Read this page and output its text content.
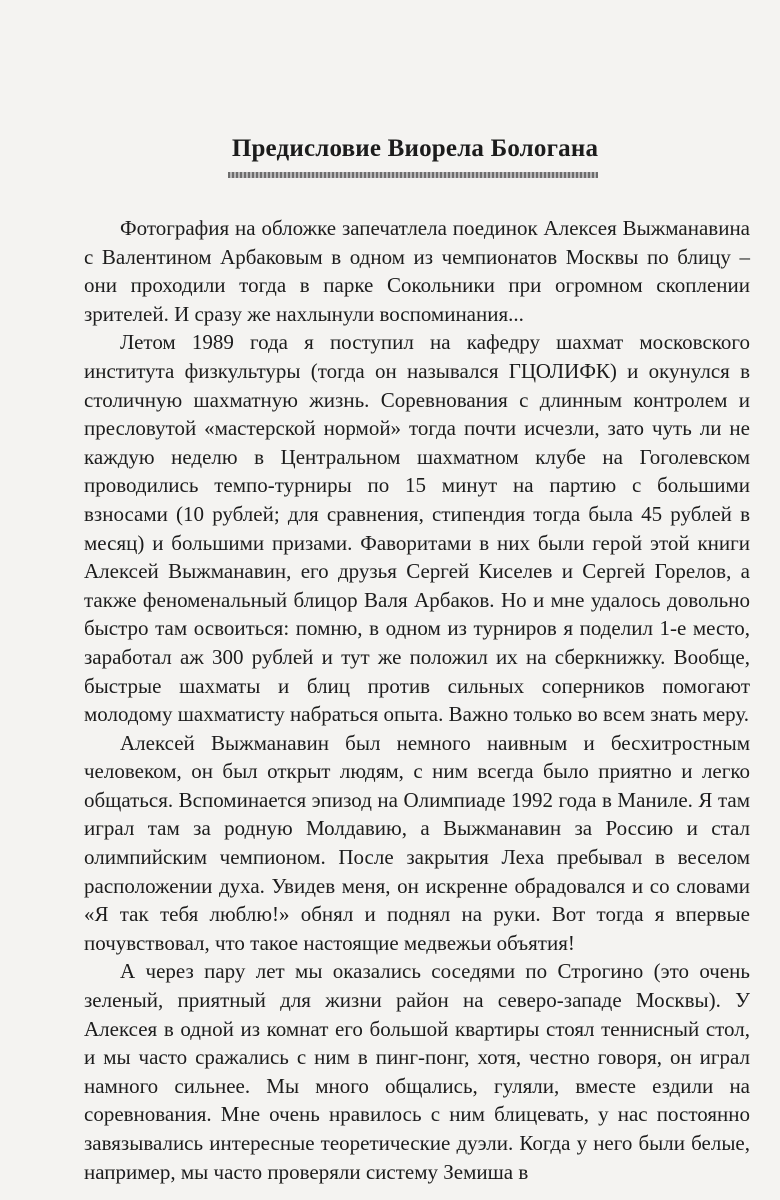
Предисловие Виорела Бологана

Фотография на обложке запечатлела поединок Алексея Выжманавина с Валентином Арбаковым в одном из чемпионатов Москвы по блицу – они проходили тогда в парке Сокольники при огромном скоплении зрителей. И сразу же нахлынули воспоминания...

Летом 1989 года я поступил на кафедру шахмат московского института физкультуры (тогда он назывался ГЦОЛИФК) и окунулся в столичную шахматную жизнь. Соревнования с длинным контролем и пресловутой «мастерской нормой» тогда почти исчезли, зато чуть ли не каждую неделю в Центральном шахматном клубе на Гоголевском проводились темпо-турниры по 15 минут на партию с большими взносами (10 рублей; для сравнения, стипендия тогда была 45 рублей в месяц) и большими призами. Фаворитами в них были герой этой книги Алексей Выжманавин, его друзья Сергей Киселев и Сергей Горелов, а также феноменальный блицор Валя Арбаков. Но и мне удалось довольно быстро там освоиться: помню, в одном из турниров я поделил 1-е место, заработал аж 300 рублей и тут же положил их на сберкнижку. Вообще, быстрые шахматы и блиц против сильных соперников помогают молодому шахматисту набраться опыта. Важно только во всем знать меру.

Алексей Выжманавин был немного наивным и бесхитростным человеком, он был открыт людям, с ним всегда было приятно и легко общаться. Вспоминается эпизод на Олимпиаде 1992 года в Маниле. Я там играл там за родную Молдавию, а Выжманавин за Россию и стал олимпийским чемпионом. После закрытия Леха пребывал в веселом расположении духа. Увидев меня, он искренне обрадовался и со словами «Я так тебя люблю!» обнял и поднял на руки. Вот тогда я впервые почувствовал, что такое настоящие медвежьи объятия!

А через пару лет мы оказались соседями по Строгино (это очень зеленый, приятный для жизни район на северо-западе Москвы). У Алексея в одной из комнат его большой квартиры стоял теннисный стол, и мы часто сражались с ним в пинг-понг, хотя, честно говоря, он играл намного сильнее. Мы много общались, гуляли, вместе ездили на соревнования. Мне очень нравилось с ним блицевать, у нас постоянно завязывались интересные теоретические дуэли. Когда у него были белые, например, мы часто проверяли систему Земиша в
